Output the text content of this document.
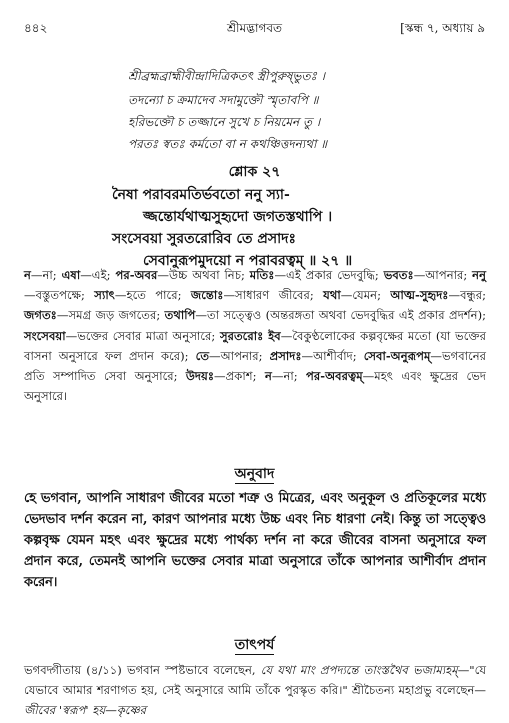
৪৪২	শ্রীমদ্ভাগবত	[স্কন্ধ ৭, অধ্যায় ৯
শ্রীব্রহ্মব্রাহ্মীবীন্দ্রাদিত্রিকতৎ স্ত্রীপুরুষ্ভুতঃ ।
তদন্যো চ ক্রমাদেব সদামুক্তৌ স্মৃতাবপি ॥
হরিভক্তৌ চ তজ্জানে সুখে চ নিয়মেন তু ।
পরতঃ স্বতঃ কর্মতো বা ন কথঞ্চিত্তদন্যথা ॥
শ্লোক ২৭
নৈষা পরাবরমতির্ভবতো ননু স্যা-
জ্জন্তোর্যথাত্মসুহৃদো জগতস্তথাপি ।
সংসেবয়া সুরতরোরিব তে প্রসাদঃ
সেবানুরূপমুদয়ো ন পরাবরত্বম্ ॥ ২৭ ॥
ন—না; এষা—এই; পর-অবর—উচ্চ অথবা নিচ; মতিঃ—এই প্রকার ভেদবুদ্ধি; ভবতঃ—আপনার; ননু—বস্তুতপক্ষে; স্যাৎ—হতে পারে; জন্তোঃ—সাধারণ জীবের; যথা—যেমন; আত্ম-সুহৃদঃ—বন্ধুর; জগতঃ—সমগ্র জড় জগতের; তথাপি—তা সত্ত্বেও (অন্তরঙ্গতা অথবা ভেদবুদ্ধির এই প্রকার প্রদর্শন); সংসেবয়া—ভক্তের সেবার মাত্রা অনুসারে; সুরতরোঃ ইব—বৈকুণ্ঠলোকের কল্পবৃক্ষের মতো (যা ভক্তের বাসনা অনুসারে ফল প্রদান করে); তে—আপনার; প্রসাদঃ—আশীর্বাদ; সেবা-অনুরূপম্—ভগবানের প্রতি সম্পাদিত সেবা অনুসারে; উদয়ঃ—প্রকাশ; ন—না; পর-অবরত্বম্—মহৎ এবং ক্ষুদ্রের ভেদ অনুসারে।
অনুবাদ
হে ভগবান, আপনি সাধারণ জীবের মতো শত্রু ও মিত্রের, এবং অনুকূল ও প্রতিকূলের মধ্যে ভেদভাব দর্শন করেন না, কারণ আপনার মধ্যে উচ্চ এবং নিচ ধারণা নেই। কিন্তু তা সত্ত্বেও কল্পবৃক্ষ যেমন মহৎ এবং ক্ষুদ্রের মধ্যে পার্থক্য দর্শন না করে জীবের বাসনা অনুসারে ফল প্রদান করে, তেমনই আপনি ভক্তের সেবার মাত্রা অনুসারে তাঁকে আপনার আশীর্বাদ প্রদান করেন।
তাৎপর্য
ভগবদ্গীতায় (৪/১১) ভগবান স্পষ্টভাবে বলেছেন, যে যথা মাং প্রপদ্যন্তে তাংস্তথৈব ভজাম্যহম্—"যে যেভাবে আমার শরণাগত হয়, সেই অনুসারে আমি তাঁকে পুরস্কৃত করি।" শ্রীচৈতন্য মহাপ্রভু বলেছেন—জীবের 'স্বরূপ' হয়—কৃষ্ণের
